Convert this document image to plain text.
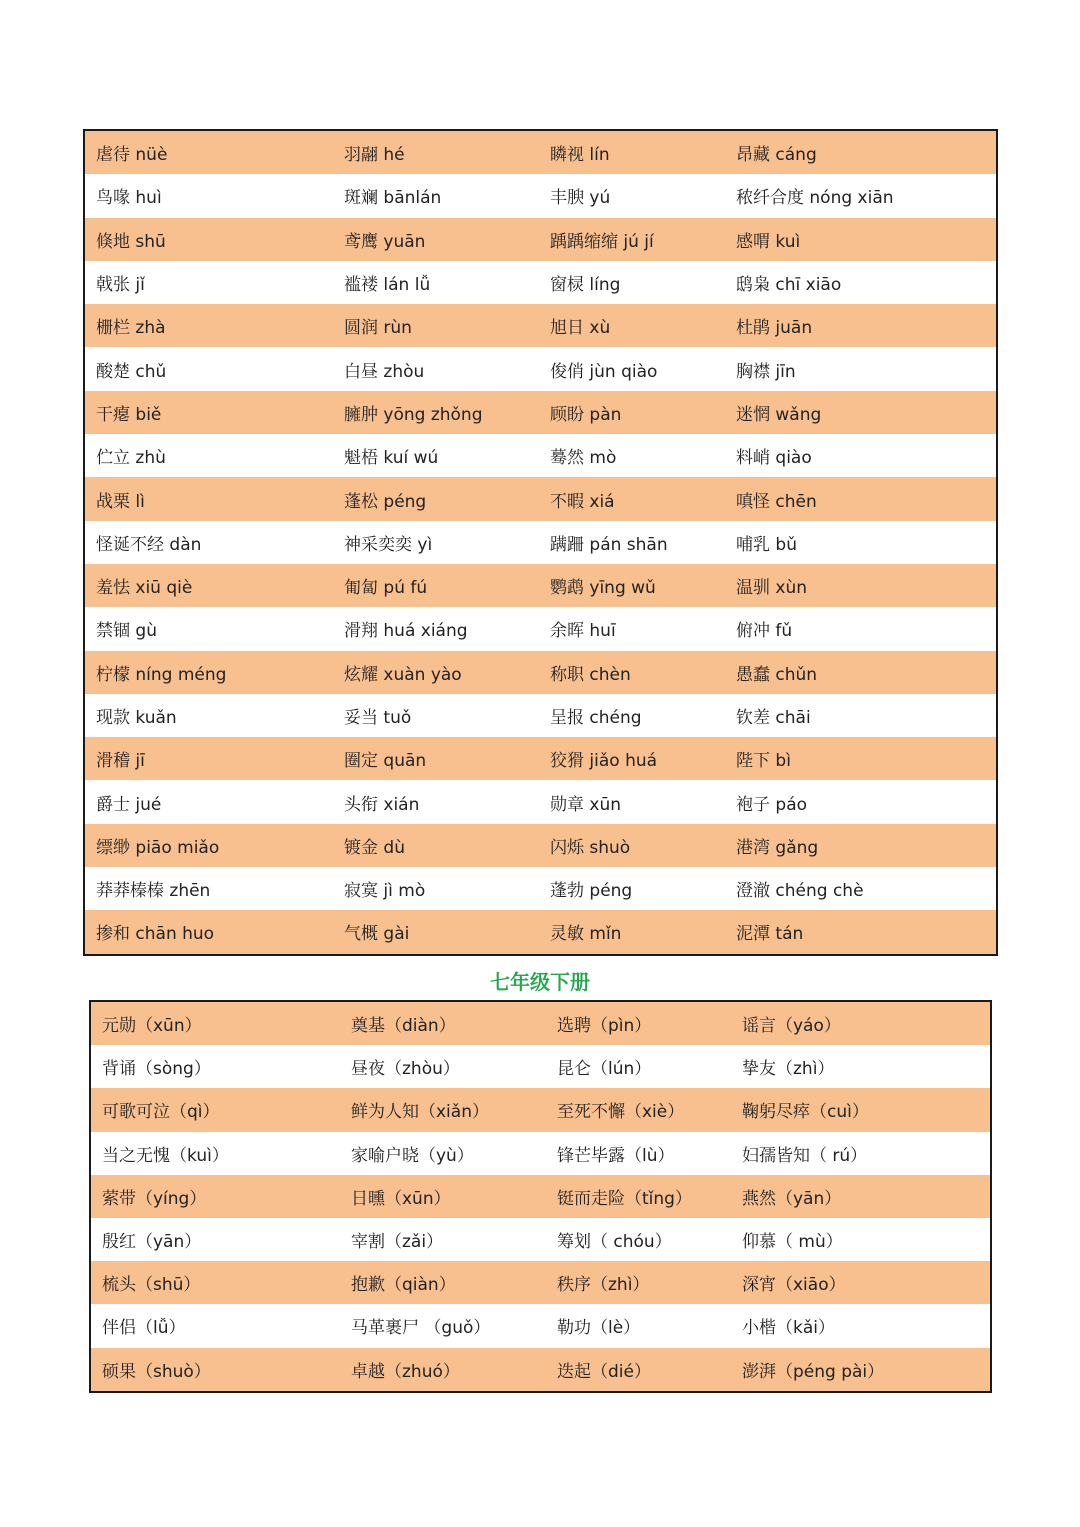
虐待 nüè	羽翮 hé	瞵视 lín	昂藏 cáng
鸟喙 huì	斑斓 bānlán	丰腴 yú	秾纤合度 nóng xiān
倏地 shū	鸢鹰 yuān	踽踽缩缩 jú jí	感喟 kuì
戟张 jǐ	褴褛 lán lǚ	窗棂 líng	鸱枭 chī xiāo
栅栏 zhà	圆润 rùn	旭日 xù	杜鹃 juān
酸楚 chǔ	白昼 zhòu	俊俏 jùn qiào	胸襟 jīn
干瘪 biě	臃肿 yōng zhǒng	顾盼 pàn	迷惘 wǎng
伫立 zhù	魁梧 kuí wú	蓦然 mò	料峭 qiào
战栗 lì	蓬松 péng	不暇 xiá	嗔怪 chēn
怪诞不经 dàn	神采奕奕 yì	蹒跚 pán shān	哺乳 bǔ
羞怯 xiū qiè	匍匐 pú fú	鹦鹉 yīng wǔ	温驯 xùn
禁锢 gù	滑翔 huá xiáng	余晖 huī	俯冲 fǔ
柠檬 níng méng	炫耀 xuàn yào	称职 chèn	愚蠢 chǔn
现款 kuǎn	妥当 tuǒ	呈报 chéng	钦差 chāi
滑稽 jī	圈定 quān	狡猾 jiǎo huá	陛下 bì
爵士 jué	头衔 xián	勋章 xūn	袍子 páo
缥缈 piāo miǎo	镀金 dù	闪烁 shuò	港湾 gǎng
莽莽榛榛 zhēn	寂寞 jì mò	蓬勃 péng	澄澈 chéng chè
掺和 chān huo	气概 gài	灵敏 mǐn	泥潭 tán
七年级下册
元勋（xūn）	奠基（diàn）	选聘（pìn）	谣言（yáo）
背诵（sòng）	昼夜（zhòu）	昆仑（lún）	挚友（zhì）
可歌可泣（qì）	鲜为人知（xiǎn）	至死不懈（xiè）	鞠躬尽瘁（cuì）
当之无愧（kuì）	家喻户晓（yù）	锋芒毕露（lù）	妇孺皆知（ rú）
萦带（yíng）	日曛（xūn）	铤而走险（tǐng）	燕然（yān）
殷红（yān）	宰割（zǎi）	筹划（ chóu）	仰慕（ mù）
梳头（shū）	抱歉（qiàn）	秩序（zhì）	深宵（xiāo）
伴侣（lǚ）	马革裹尸 （guǒ）	勒功（lè）	小楷（kǎi）
硕果（shuò）	卓越（zhuó）	迭起（dié）	澎湃（péng pài）
